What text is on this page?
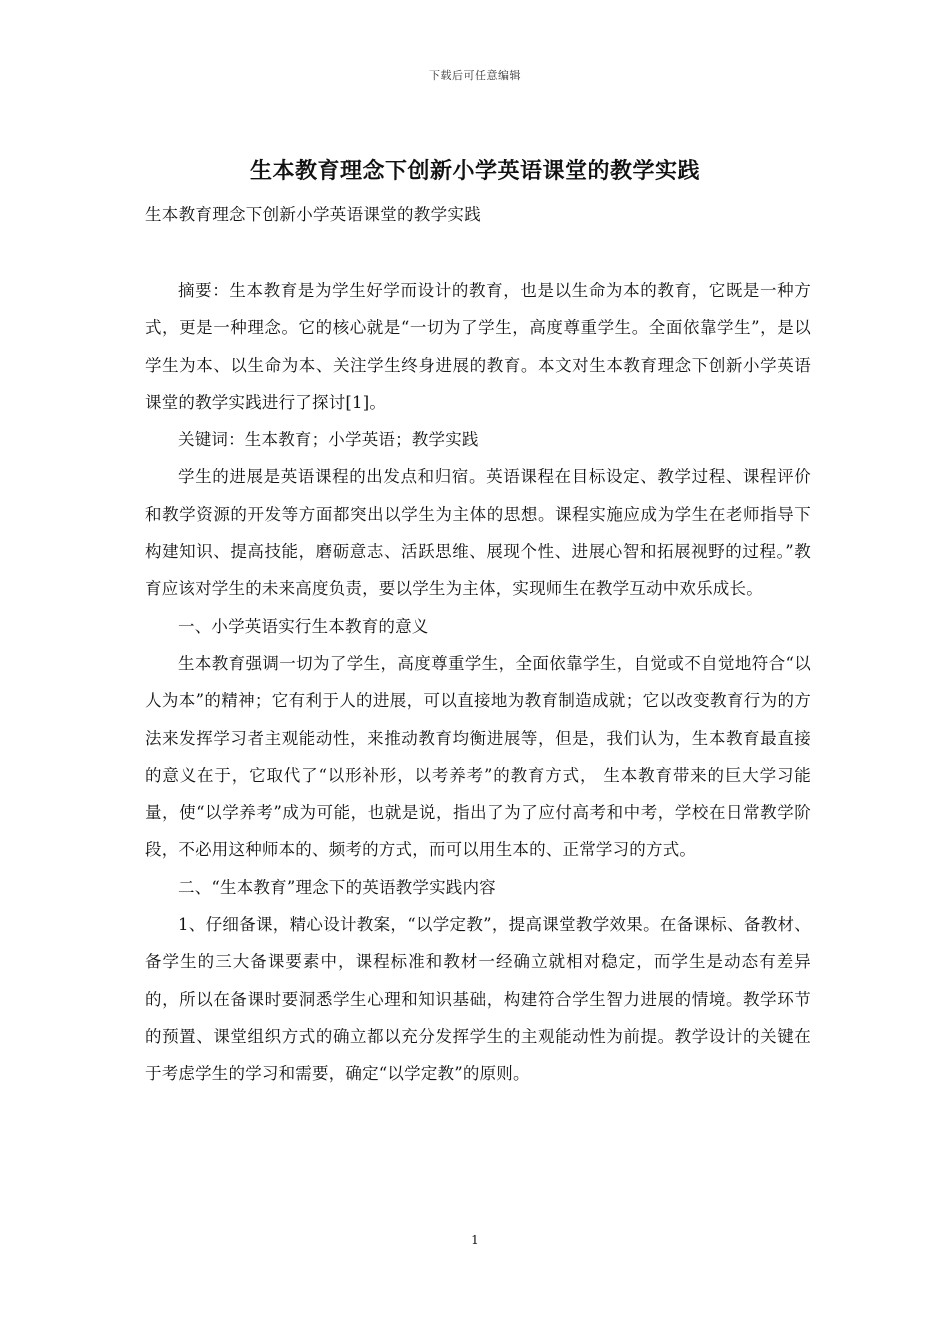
下载后可任意编辑
生本教育理念下创新小学英语课堂的教学实践
生本教育理念下创新小学英语课堂的教学实践

摘要：生本教育是为学生好学而设计的教育，也是以生命为本的教育，它既是一种方式，更是一种理念。它的核心就是“一切为了学生，高度尊重学生。全面依靠学生”，是以学生为本、以生命为本、关注学生终身进展的教育。本文对生本教育理念下创新小学英语课堂的教学实践进行了探讨[1]。

关键词：生本教育；小学英语；教学实践

学生的进展是英语课程的出发点和归宿。英语课程在目标设定、教学过程、课程评价和教学资源的开发等方面都突出以学生为主体的思想。课程实施应成为学生在老师指导下构建知识、提高技能，磨砺意志、活跃思维、展现个性、进展心智和拓展视野的过程。”教育应该对学生的未来高度负责，要以学生为主体，实现师生在教学互动中欢乐成长。

一、小学英语实行生本教育的意义

生本教育强调一切为了学生，高度尊重学生，全面依靠学生，自觉或不自觉地符合“以人为本”的精神；它有利于人的进展，可以直接地为教育制造成就；它以改变教育行为的方法来发挥学习者主观能动性，来推动教育均衡进展等，但是，我们认为，生本教育最直接的意义在于，它取代了“以形补形，以考养考”的教育方式， 生本教育带来的巨大学习能量，使“以学养考”成为可能，也就是说，指出了为了应付高考和中考，学校在日常教学阶段，不必用这种师本的、频考的方式，而可以用生本的、正常学习的方式。

二、“生本教育”理念下的英语教学实践内容

1、仔细备课，精心设计教案，“以学定教”，提高课堂教学效果。在备课标、备教材、备学生的三大备课要素中，课程标准和教材一经确立就相对稳定，而学生是动态有差异的，所以在备课时要洞悉学生心理和知识基础，构建符合学生智力进展的情境。教学环节的预置、课堂组织方式的确立都以充分发挥学生的主观能动性为前提。教学设计的关键在于考虑学生的学习和需要，确定“以学定教”的原则。

1
